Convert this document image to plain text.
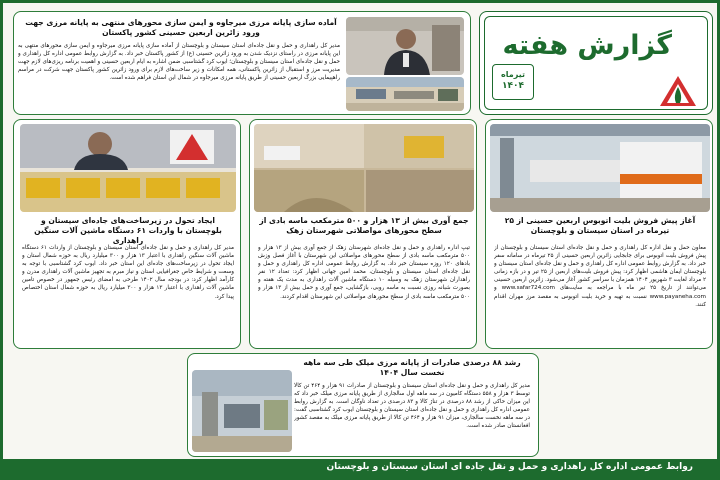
آماده سازی پایانه مرزی میرجاوه و ایمن سازی محورهای منتهی به پایانه مرزی جهت ورود زائرین اربعین حسینی کشور پاکستان
مدیر کل راهداری و حمل و نقل جاده‌ای استان سیستان و بلوچستان از آماده سازی پایانه مرزی میرجاوه و ایمن سازی محورهای منتهی به این پایانه مرزی در راستای نزدیک شدن به ورود زائرین حسینی (ع) از کشور پاکستان خبر داد. به گزارش روابط عمومی اداره کل راهداری و حمل و نقل جاده‌ای استان سیستان و بلوچستان؛ ایوب کرد گشتاسبی ضمن اشاره به ایام اربعین حسینی و اهمیت برنامه ریزی‌های لازم جهت مدیریت مرز و استقبال از زائرین پاکستانی، همه امکانات و زیر ساخت‌های لازم برای ورود زائرین کشور پاکستان جهت شرکت در مراسم راهپیمایی بزرگ اربعین حسینی از طریق پایانه مرزی میرجاوه در شمال این استان فراهم شده است.
گزارش هفته
تیرماه
۱۴۰۴
ایجاد تحول در زیرساخت‌های جاده‌ای سیستان و بلوچستان با واردات ۶۱ دستگاه ماشین آلات سنگین راهداری
مدیر کل راهداری و حمل و نقل جاده‌ای استان سیستان و بلوچستان از واردات ۶۱ دستگاه ماشین آلات سنگین راهداری با اعتبار ۱۳ هزار و ۳۰۰ میلیارد ریال به حوزه شمال استان و ایجاد تحول در زیرساخت‌های جاده‌ای این استان خبر داد. ایوب کرد گشتاسبی با توجه به وسعت و شرایط خاص جغرافیایی استان و نیاز مبرم به تجهیز ماشین آلات راهداری مدرن و کارآمد اظهار کرد: در بودجه سال ۱۴۰۲ طرحی به امضای رئیس جمهور در خصوص تامین ماشین آلات راهداری با اعتبار ۱۳ هزار و ۳۰۰ میلیارد ریال به حوزه شمال استان اختصاص پیدا کرد.
جمع آوری بیش از ۱۳ هزار و ۵۰۰ مترمکعب ماسه بادی از سطح محورهای مواصلاتی شهرستان زهک
تیپ اداره راهداری و حمل و نقل جاده‌ای شهرستان زهک از جمع آوری بیش از ۱۳ هزار و ۵۰۰ مترمکعب ماسه بادی از سطح محورهای مواصلاتی این شهرستان با آغاز فصل وزش بادهای ۱۲۰ روزه سیستان خبر داد. به گزارش روابط عمومی اداره کل راهداری و حمل و نقل جاده‌ای استان سیستان و بلوچستان، محمد امین جهانی اظهار کرد: تعداد ۱۲ نفر راهداران شهرستان زهک به وسیله ۱۰ دستگاه ماشین آلات راهداری به مدت یک هفته و بصورت شبانه روزی نسبت به ماسه روبی، بازگشایی، جمع آوری و حمل بیش از ۱۳ هزار و ۵۰۰ مترمکعب ماسه بادی از سطح محورهای مواصلاتی این شهرستان اقدام کردند.
آغاز پیش فروش بلیت اتوبوس اربعین حسینی از ۲۵ تیرماه در استان سیستان و بلوچستان
معاون حمل و نقل اداره کل راهداری و حمل و نقل جاده‌ای استان سیستان و بلوچستان از پیش فروش بلیت اتوبوس برای جابجایی زائرین اربعین حسینی از ۲۵ تیرماه در سامانه سفر خبر داد. به گزارش روابط عمومی اداره کل راهداری و حمل و نقل جاده‌ای استان سیستان و بلوچستان ایمان هاشمی اظهار کرد: پیش فروش بلیت‌های اربعین از ۲۵ تیر و در بازه زمانی ۲ مرداد لغایت ۳ شهریور ۱۴۰۴ همزمان با سراسر کشور آغاز می‌شود. زائرین اربعین حسینی می‌توانند از تاریخ ۲۵ تیر ماه با مراجعه به سایت‌های www.safar724.com و www.payaneha.com نسبت به تهیه و خرید بلیت اتوبوس به مقصد مرز مهران اقدام کنند.
رشد ۸۸ درصدی صادرات از پایانه مرزی میلک طی سه ماهه نخست سال ۱۴۰۴
مدیر کل راهداری و حمل و نقل جاده‌ای استان سیستان و بلوچستان از صادرات ۹۱ هزار و ۴۶۴ تن کالا توسط ۳ هزار و ۵۵۸ دستگاه کامیون در سه ماهه اول سالجاری از طریق پایانه مرزی میلک خبر داد که این میزان حاکی از رشد ۸۸ درصدی در تناژ کالا و ۸۳ درصدی در تعداد ناوگان است. به گزارش روابط عمومی اداره کل راهداری و حمل و نقل جاده‌ای استان سیستان و بلوچستان ایوب کرد گشتاسبی گفت: در سه ماهه نخست سالجاری، میزان ۹۱ هزار و ۴۶۴ تن کالا از طریق پایانه مرزی میلک به مقصد کشور افغانستان صادر شده است.
روابط عمومی اداره کل راهداری و حمل و نقل جاده ای استان سیستان و بلوچستان
